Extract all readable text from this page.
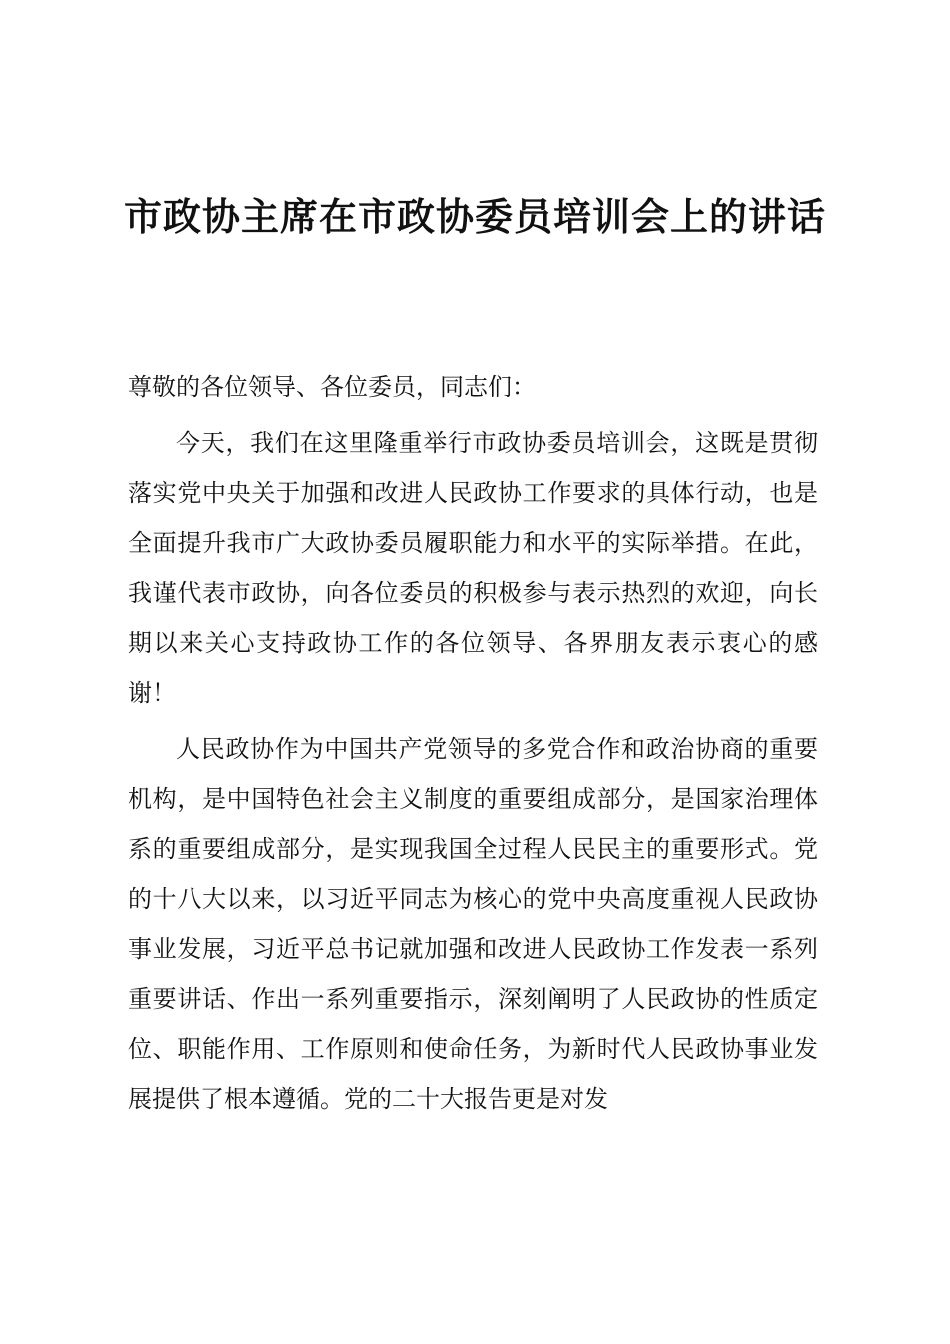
市政协主席在市政协委员培训会上的讲话

尊敬的各位领导、各位委员，同志们：

今天，我们在这里隆重举行市政协委员培训会，这既是贯彻落实党中央关于加强和改进人民政协工作要求的具体行动，也是全面提升我市广大政协委员履职能力和水平的实际举措。在此，我谨代表市政协，向各位委员的积极参与表示热烈的欢迎，向长期以来关心支持政协工作的各位领导、各界朋友表示衷心的感谢！

人民政协作为中国共产党领导的多党合作和政治协商的重要机构，是中国特色社会主义制度的重要组成部分，是国家治理体系的重要组成部分，是实现我国全过程人民民主的重要形式。党的十八大以来，以习近平同志为核心的党中央高度重视人民政协事业发展，习近平总书记就加强和改进人民政协工作发表一系列重要讲话、作出一系列重要指示，深刻阐明了人民政协的性质定位、职能作用、工作原则和使命任务，为新时代人民政协事业发展提供了根本遵循。党的二十大报告更是对发
